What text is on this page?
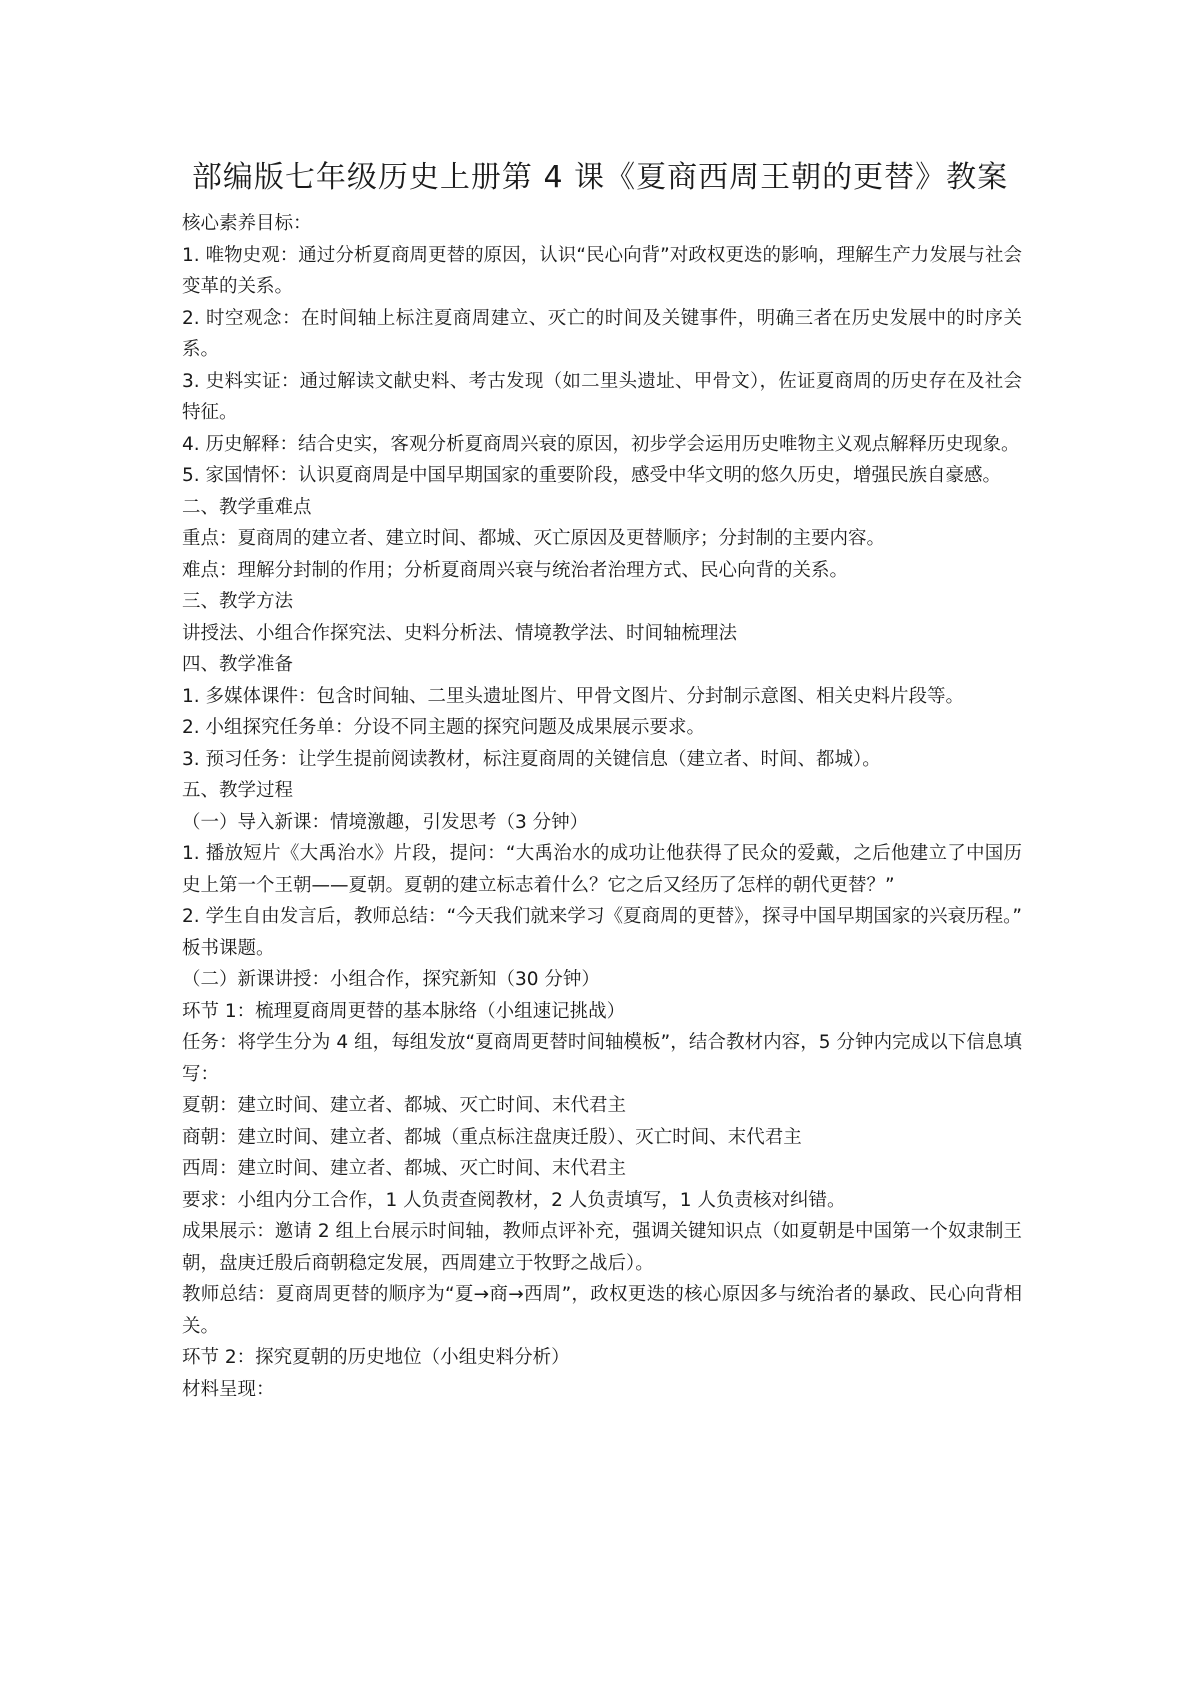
部编版七年级历史上册第 4 课《夏商西周王朝的更替》教案

核心素养目标：

1. 唯物史观：通过分析夏商周更替的原因，认识“民心向背”对政权更迭的影响，理解生产力发展与社会变革的关系。

2. 时空观念：在时间轴上标注夏商周建立、灭亡的时间及关键事件，明确三者在历史发展中的时序关系。

3. 史料实证：通过解读文献史料、考古发现（如二里头遗址、甲骨文），佐证夏商周的历史存在及社会特征。

4. 历史解释：结合史实，客观分析夏商周兴衰的原因，初步学会运用历史唯物主义观点解释历史现象。

5. 家国情怀：认识夏商周是中国早期国家的重要阶段，感受中华文明的悠久历史，增强民族自豪感。

二、教学重难点

重点：夏商周的建立者、建立时间、都城、灭亡原因及更替顺序；分封制的主要内容。

难点：理解分封制的作用；分析夏商周兴衰与统治者治理方式、民心向背的关系。

三、教学方法

讲授法、小组合作探究法、史料分析法、情境教学法、时间轴梳理法

四、教学准备

1. 多媒体课件：包含时间轴、二里头遗址图片、甲骨文图片、分封制示意图、相关史料片段等。

2. 小组探究任务单：分设不同主题的探究问题及成果展示要求。

3. 预习任务：让学生提前阅读教材，标注夏商周的关键信息（建立者、时间、都城）。

五、教学过程

（一）导入新课：情境激趣，引发思考（3 分钟）

1. 播放短片《大禹治水》片段，提问：“大禹治水的成功让他获得了民众的爱戴，之后他建立了中国历史上第一个王朝——夏朝。夏朝的建立标志着什么？它之后又经历了怎样的朝代更替？”

2. 学生自由发言后，教师总结：“今天我们就来学习《夏商周的更替》，探寻中国早期国家的兴衰历程。” 板书课题。

（二）新课讲授：小组合作，探究新知（30 分钟）

环节 1：梳理夏商周更替的基本脉络（小组速记挑战）

任务：将学生分为 4 组，每组发放“夏商周更替时间轴模板”，结合教材内容，5 分钟内完成以下信息填写：

夏朝：建立时间、建立者、都城、灭亡时间、末代君主

商朝：建立时间、建立者、都城（重点标注盘庚迁殷）、灭亡时间、末代君主

西周：建立时间、建立者、都城、灭亡时间、末代君主

要求：小组内分工合作，1 人负责查阅教材，2 人负责填写，1 人负责核对纠错。

成果展示：邀请 2 组上台展示时间轴，教师点评补充，强调关键知识点（如夏朝是中国第一个奴隶制王朝，盘庚迁殷后商朝稳定发展，西周建立于牧野之战后）。

教师总结：夏商周更替的顺序为“夏→商→西周”，政权更迭的核心原因多与统治者的暴政、民心向背相关。

环节 2：探究夏朝的历史地位（小组史料分析）

材料呈现：
